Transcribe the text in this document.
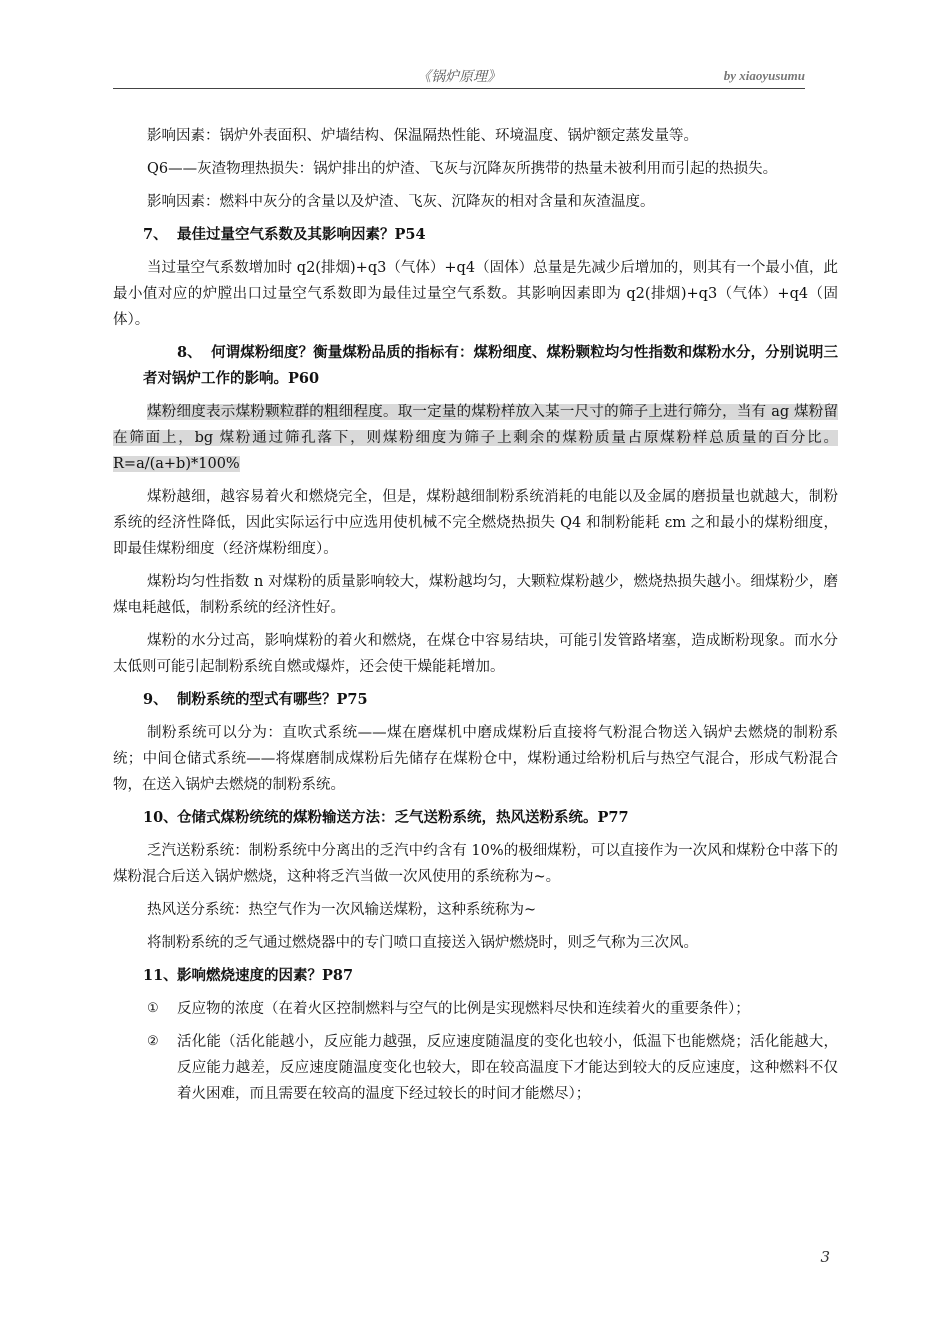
《锅炉原理》	by xiaoyusumu

影响因素：锅炉外表面积、炉墙结构、保温隔热性能、环境温度、锅炉额定蒸发量等。

Q6——灰渣物理热损失：锅炉排出的炉渣、飞灰与沉降灰所携带的热量未被利用而引起的热损失。

影响因素：燃料中灰分的含量以及炉渣、飞灰、沉降灰的相对含量和灰渣温度。

7、 最佳过量空气系数及其影响因素？P54

当过量空气系数增加时 q2(排烟)+q3（气体）+q4（固体）总量是先减少后增加的，则其有一个最小值，此最小值对应的炉膛出口过量空气系数即为最佳过量空气系数。其影响因素即为 q2(排烟)+q3（气体）+q4（固体）。

8、 何谓煤粉细度？衡量煤粉品质的指标有：煤粉细度、煤粉颗粒均匀性指数和煤粉水分，分别说明三者对锅炉工作的影响。P60

煤粉细度表示煤粉颗粒群的粗细程度。取一定量的煤粉样放入某一尺寸的筛子上进行筛分，当有 ag 煤粉留在筛面上，bg 煤粉通过筛孔落下，则煤粉细度为筛子上剩余的煤粉质量占原煤粉样总质量的百分比。R=a/(a+b)*100%

煤粉越细，越容易着火和燃烧完全，但是，煤粉越细制粉系统消耗的电能以及金属的磨损量也就越大，制粉系统的经济性降低，因此实际运行中应选用使机械不完全燃烧热损失 Q4 和制粉能耗 εm 之和最小的煤粉细度，即最佳煤粉细度（经济煤粉细度）。

煤粉均匀性指数 n 对煤粉的质量影响较大，煤粉越均匀，大颗粒煤粉越少，燃烧热损失越小。细煤粉少，磨煤电耗越低，制粉系统的经济性好。

煤粉的水分过高，影响煤粉的着火和燃烧，在煤仓中容易结块，可能引发管路堵塞，造成断粉现象。而水分太低则可能引起制粉系统自燃或爆炸，还会使干燥能耗增加。

9、 制粉系统的型式有哪些？P75

制粉系统可以分为：直吹式系统——煤在磨煤机中磨成煤粉后直接将气粉混合物送入锅炉去燃烧的制粉系统；中间仓储式系统——将煤磨制成煤粉后先储存在煤粉仓中，煤粉通过给粉机后与热空气混合，形成气粉混合物，在送入锅炉去燃烧的制粉系统。

10、仓储式煤粉统统的煤粉输送方法：乏气送粉系统，热风送粉系统。P77

乏汽送粉系统：制粉系统中分离出的乏汽中约含有 10%的极细煤粉，可以直接作为一次风和煤粉仓中落下的煤粉混合后送入锅炉燃烧，这种将乏汽当做一次风使用的系统称为~。

热风送分系统：热空气作为一次风输送煤粉，这种系统称为~

将制粉系统的乏气通过燃烧器中的专门喷口直接送入锅炉燃烧时，则乏气称为三次风。

11、影响燃烧速度的因素？P87
① 反应物的浓度（在着火区控制燃料与空气的比例是实现燃料尽快和连续着火的重要条件）；
② 活化能（活化能越小，反应能力越强，反应速度随温度的变化也较小，低温下也能燃烧；活化能越大，反应能力越差，反应速度随温度变化也较大，即在较高温度下才能达到较大的反应速度，这种燃料不仅着火困难，而且需要在较高的温度下经过较长的时间才能燃尽）；
3
